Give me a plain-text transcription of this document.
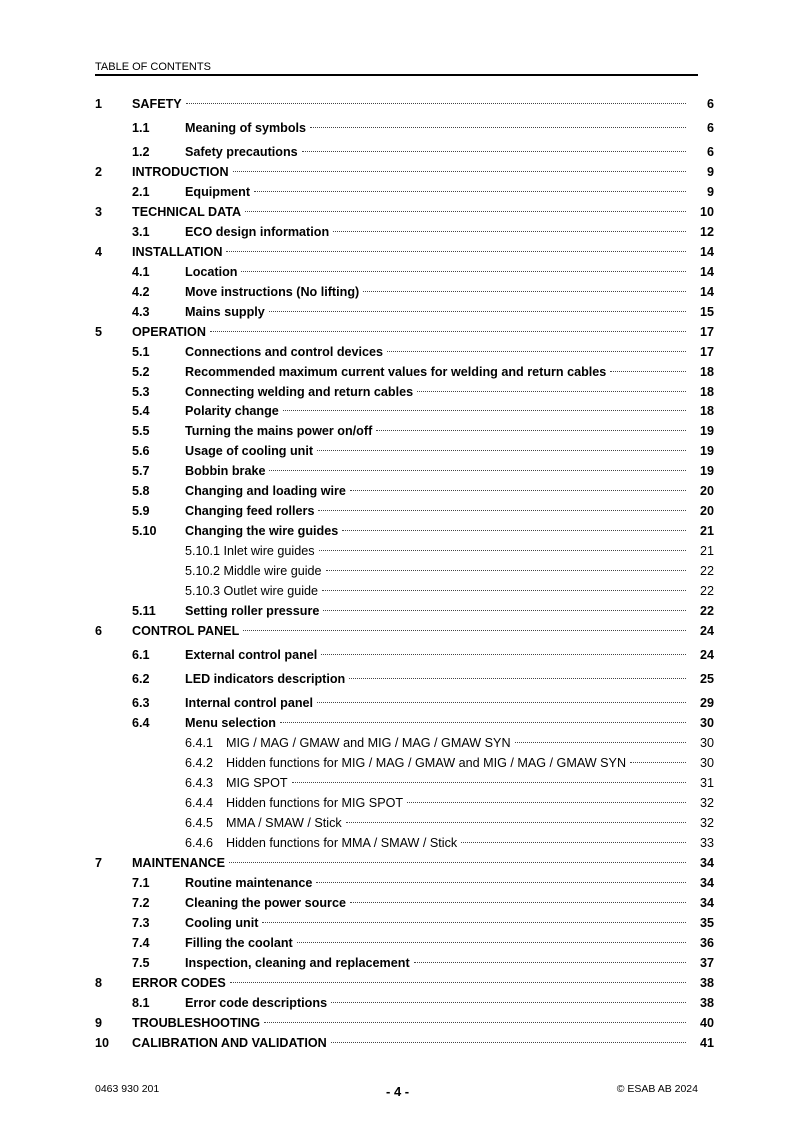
TABLE OF CONTENTS
1 SAFETY	6
1.1	Meaning of symbols	6
1.2	Safety precautions	6
2 INTRODUCTION	9
2.1	Equipment	9
3 TECHNICAL DATA	10
3.1	ECO design information	12
4 INSTALLATION	14
4.1	Location	14
4.2	Move instructions (No lifting)	14
4.3	Mains supply	15
5 OPERATION	17
5.1	Connections and control devices	17
5.2	Recommended maximum current values for welding and return cables	18
5.3	Connecting welding and return cables	18
5.4	Polarity change	18
5.5	Turning the mains power on/off	19
5.6	Usage of cooling unit	19
5.7	Bobbin brake	19
5.8	Changing and loading wire	20
5.9	Changing feed rollers	20
5.10 Changing the wire guides	21
5.10.1 Inlet wire guides	21
5.10.2 Middle wire guide	22
5.10.3 Outlet wire guide	22
5.11 Setting roller pressure	22
6 CONTROL PANEL	24
6.1	External control panel	24
6.2	LED indicators description	25
6.3	Internal control panel	29
6.4	Menu selection	30
6.4.1 MIG / MAG / GMAW and MIG / MAG / GMAW SYN	30
6.4.2 Hidden functions for MIG / MAG / GMAW and MIG / MAG / GMAW SYN	30
6.4.3 MIG SPOT	31
6.4.4 Hidden functions for MIG SPOT	32
6.4.5 MMA / SMAW / Stick	32
6.4.6 Hidden functions for MMA / SMAW / Stick	33
7 MAINTENANCE	34
7.1	Routine maintenance	34
7.2	Cleaning the power source	34
7.3	Cooling unit	35
7.4	Filling the coolant	36
7.5	Inspection, cleaning and replacement	37
8 ERROR CODES	38
8.1	Error code descriptions	38
9 TROUBLESHOOTING	40
10 CALIBRATION AND VALIDATION	41
0463 930 201	- 4 -	© ESAB AB 2024
